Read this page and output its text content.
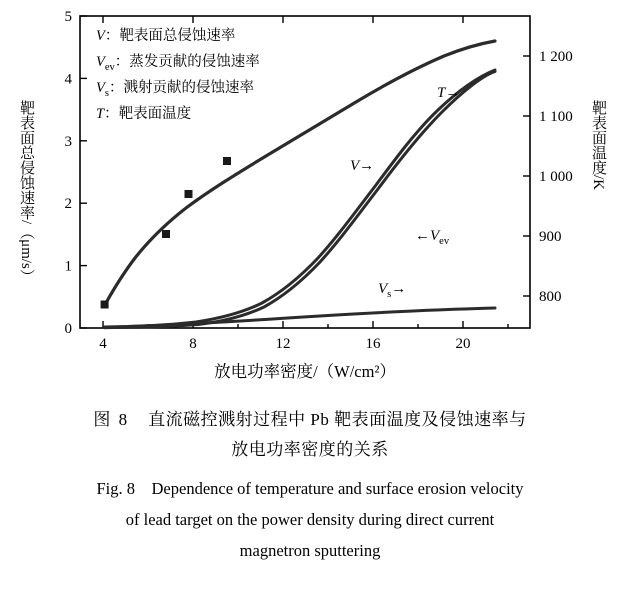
4	8	12	16	20
0
1
2
3
4
5
800
900
1 000
1 100
1 200
V：靶表面总侵蚀速率
$V_{ev}$：蒸发贡献的侵蚀速率
$V_s$：溅射贡献的侵蚀速率
T：靶表面温度
T→
V→
$\leftarrow V_{ev}$
$V_s\to$
放电功率密度/（W/cm²）
靶表面总侵蚀速率/（μm/s）	靶表面温度/K
图 8 直流磁控溅射过程中 Pb 靶表面温度及侵蚀速率与
放电功率密度的关系
Fig. 8 Dependence of temperature and surface erosion velocity
of lead target on the power density during direct current
magnetron sputtering
